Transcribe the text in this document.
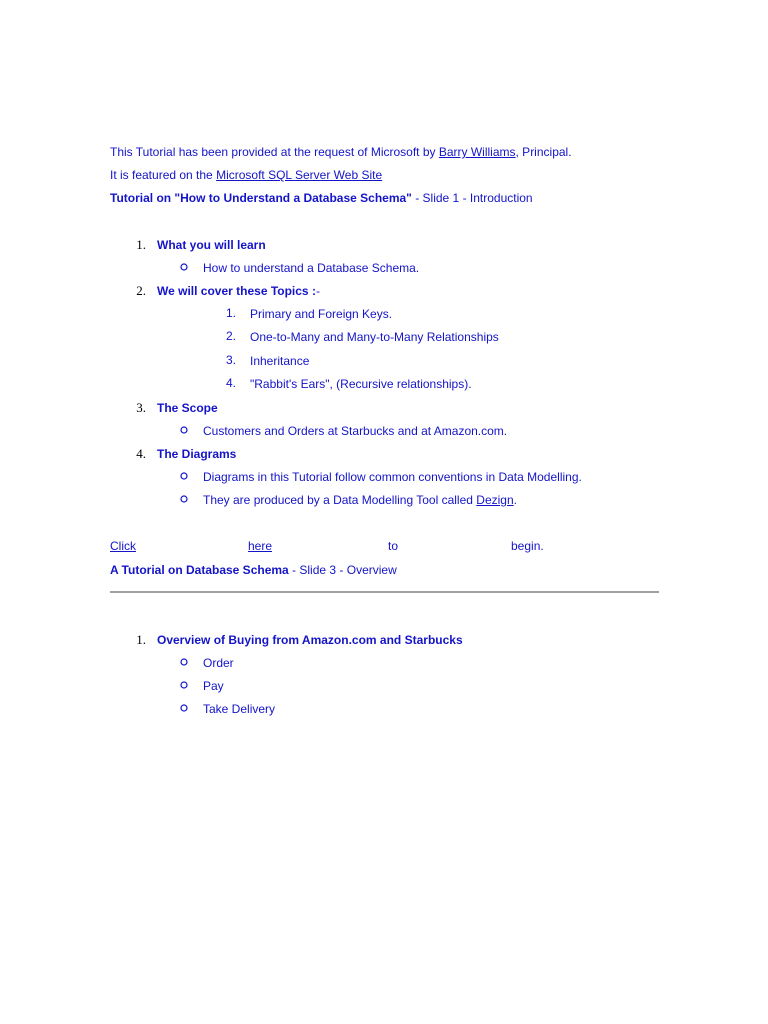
This Tutorial has been provided at the request of Microsoft by Barry Williams, Principal.
It is featured on the Microsoft SQL Server Web Site
Tutorial on "How to Understand a Database Schema" - Slide 1 - Introduction
1. What you will learn
How to understand a Database Schema.
2. We will cover these Topics :-
1. Primary and Foreign Keys.
2. One-to-Many and Many-to-Many Relationships
3. Inheritance
4. "Rabbit's Ears", (Recursive relationships).
3. The Scope
Customers and Orders at Starbucks and at Amazon.com.
4. The Diagrams
Diagrams in this Tutorial follow common conventions in Data Modelling.
They are produced by a Data Modelling Tool called Dezign.
Click	here	to	begin.
A Tutorial on Database Schema - Slide 3 - Overview
1. Overview of Buying from Amazon.com and Starbucks
Order
Pay
Take Delivery
